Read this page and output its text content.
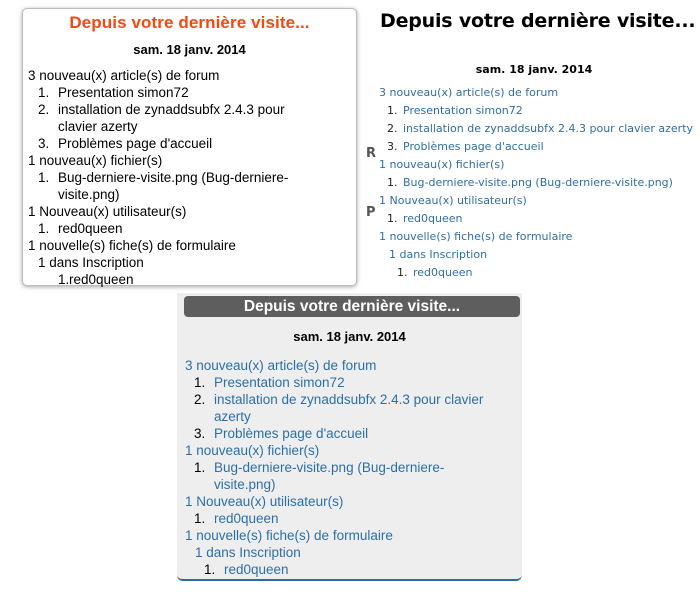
Depuis votre dernière visite...
sam. 18 janv. 2014
3 nouveau(x) article(s) de forum
1. Presentation simon72
2. installation de zynaddsubfx 2.4.3 pour clavier azerty
3. Problèmes page d'accueil
1 nouveau(x) fichier(s)
1. Bug-derniere-visite.png (Bug-derniere-visite.png)
1 Nouveau(x) utilisateur(s)
1. red0queen
1 nouvelle(s) fiche(s) de formulaire
1 dans Inscription
1. red0queen
R
P
Depuis votre dernière visite...
sam. 18 janv. 2014
3 nouveau(x) article(s) de forum
1. Presentation simon72
2. installation de zynaddsubfx 2.4.3 pour clavier azerty
3. Problèmes page d'accueil
1 nouveau(x) fichier(s)
1. Bug-derniere-visite.png (Bug-derniere-visite.png)
1 Nouveau(x) utilisateur(s)
1. red0queen
1 nouvelle(s) fiche(s) de formulaire
1 dans Inscription
1. red0queen
Depuis votre dernière visite...
sam. 18 janv. 2014
3 nouveau(x) article(s) de forum
1. Presentation simon72
2. installation de zynaddsubfx 2.4.3 pour clavier azerty
3. Problèmes page d'accueil
1 nouveau(x) fichier(s)
1. Bug-derniere-visite.png (Bug-derniere-visite.png)
1 Nouveau(x) utilisateur(s)
1. red0queen
1 nouvelle(s) fiche(s) de formulaire
1 dans Inscription
1. red0queen
